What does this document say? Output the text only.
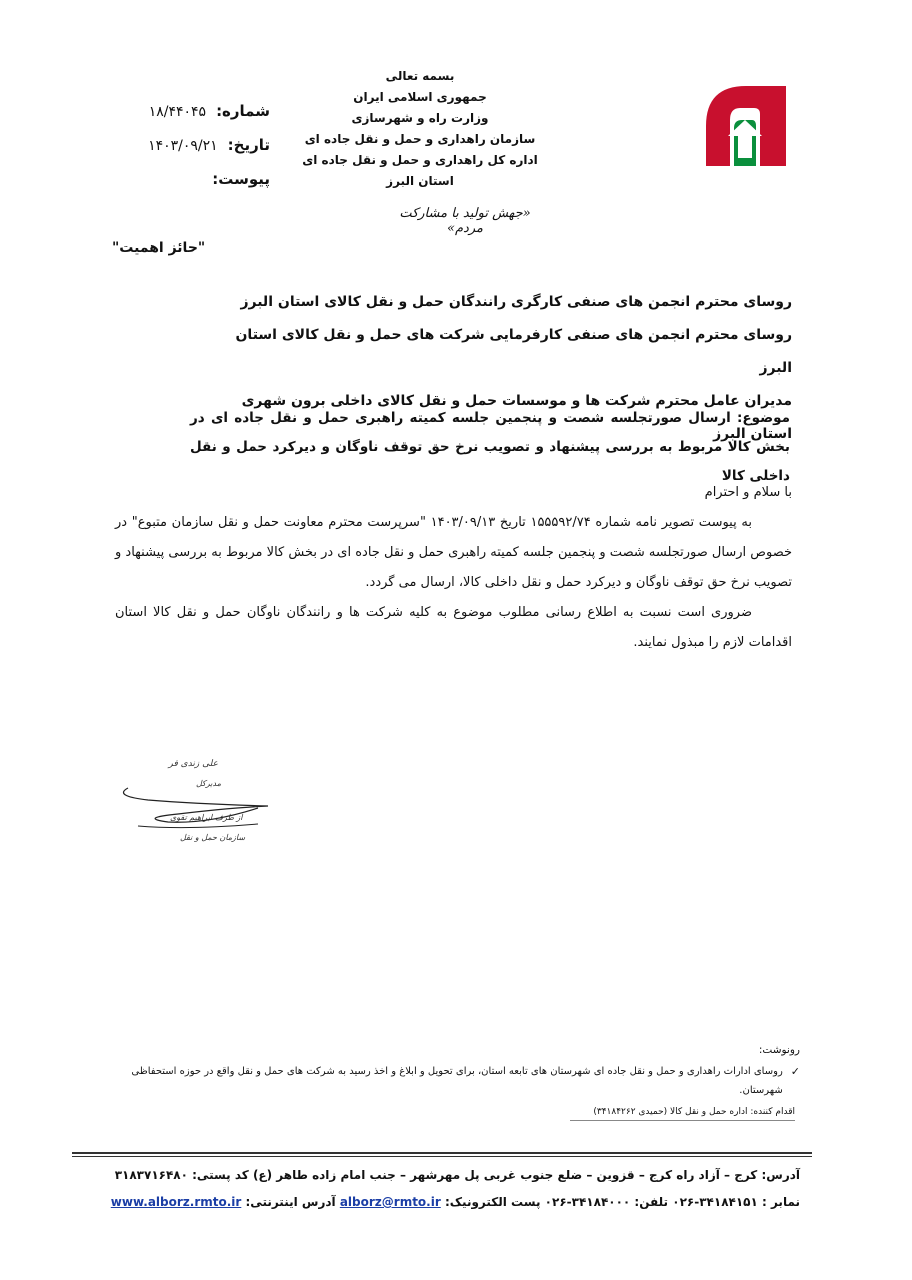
بسمه تعالی
جمهوری اسلامی ایران
وزارت راه و شهرسازی
سازمان راهداری و حمل و نقل جاده ای
اداره کل راهداری و حمل و نقل جاده ای استان البرز
«جهش تولید با مشارکت مردم»
شماره:
۱۸/۴۴۰۴۵
تاریخ:
۱۴۰۳/۰۹/۲۱
پیوست:
"حائز اهمیت"
روسای محترم انجمن های صنفی کارگری رانندگان حمل و نقل کالای استان البرز
روسای محترم انجمن های صنفی کارفرمایی شرکت های حمل و نقل کالای استان البرز
مدیران عامل محترم شرکت ها و موسسات حمل و نقل کالای داخلی برون شهری استان البرز
موضوع: ارسال صورتجلسه شصت و پنجمین جلسه کمیته راهبری حمل و نقل جاده ای در بخش کالا مربوط به بررسی پیشنهاد و تصویب نرخ حق توقف ناوگان و دیرکرد حمل و نقل داخلی کالا

با سلام و احترام

به پیوست تصویر نامه شماره ۱۵۵۵۹۲/۷۴ تاریخ ۱۴۰۳/۰۹/۱۳ "سرپرست محترم معاونت حمل و نقل سازمان متبوع" در خصوص ارسال صورتجلسه شصت و پنجمین جلسه کمیته راهبری حمل و نقل جاده ای در بخش کالا مربوط به بررسی پیشنهاد و تصویب نرخ حق توقف ناوگان و دیرکرد حمل و نقل داخلی کالا، ارسال می گردد.

ضروری است نسبت به اطلاع رسانی مطلوب موضوع به کلیه شرکت ها و رانندگان ناوگان حمل و نقل کالا استان اقدامات لازم را مبذول نمایند.

علی زندی فر
مدیرکل
از طرف ابراهیم تقوی
سازمان حمل و نقل
رونوشت:
✓
روسای ادارات راهداری و حمل و نقل جاده ای شهرستان های تابعه استان، برای تحویل و ابلاغ و اخذ رسید به شرکت های حمل و نقل واقع در حوزه استحفاظی شهرستان.
اقدام کننده: اداره حمل و نقل کالا (حمیدی ۳۴۱۸۴۲۶۲)
آدرس: کرج – آزاد راه کرج – قزوین – ضلع جنوب غربی پل مهرشهر – جنب امام زاده طاهر (ع) کد پستی: ۳۱۸۳۷۱۶۴۸۰
نمابر : ۳۴۱۸۴۱۵۱-۰۲۶ تلفن: ۳۴۱۸۴۰۰۰-۰۲۶ پست الکترونیک: alborz@rmto.ir آدرس اینترنتی: www.alborz.rmto.ir
